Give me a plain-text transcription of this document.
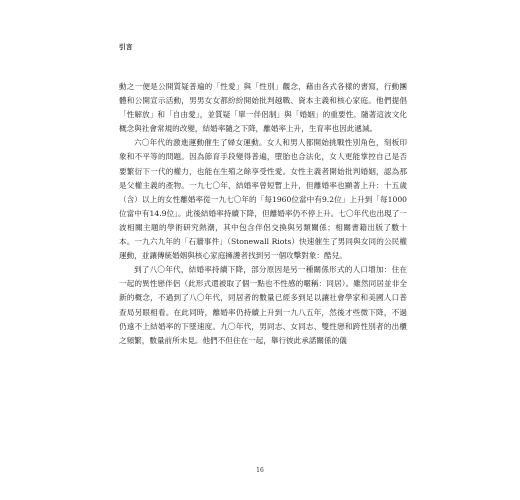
引言

動之一便是公開質疑普遍的「性愛」與「性別」觀念，藉由各式各樣的書寫，行動團體和公開宣示活動，男男女女都紛紛開始批判越戰、資本主義和核心家庭。他們提倡「性解放」和「自由愛」，並質疑「單一伴侶制」與「婚姻」的重要性。隨著這波文化概念與社會常規的改變，結婚率隨之下降，離婚率上升，生育率也因此遞減。

六〇年代的激進運動催生了婦女運動。女人和男人都開始挑戰性別角色，刻板印象和不平等的問題。因為節育手段變得普遍，墮胎也合法化，女人更能掌控自己是否要繁衍下一代的權力，也能在生殖之餘享受性愛。女性主義者開始批判婚姻，認為那是父權主義的產物。一九七〇年，結婚率曾短暫上升，但離婚率也顯著上升：十五歲（含）以上的女性離婚率從一九七〇年的「每1960位當中有9.2位」上升到「每1000位當中有14.9位」。此後結婚率持續下降，但離婚率仍不停上升。七〇年代也出現了一波相關主題的學術研究熱潮，其中包含伴侶交換與另類關係；相關書籍出版了數十本。一九六九年的「石牆事件」（Stonewall Riots）快速催生了男同與女同的公民權運動，並讓傳統婚姻與核心家庭擁護者找到另一個攻擊對象：酷兒。

到了八〇年代，結婚率持續下降，部分原因是另一種關係形式的人口增加：住在一起的異性戀伴侶（此形式還被取了個一點也不性感的暱稱：同居）。雖然同居並非全新的概念，不過到了八〇年代，同居者的數量已經多到足以讓社會學家和美國人口普查局另眼相看。在此同時，離婚率仍持續上升到一九八五年，然後才些微下降，不過仍遠不上結婚率的下墜速度。九〇年代，男同志、女同志、雙性戀和跨性別者的出櫃之頻繁，數量前所未見。他們不但住在一起，舉行彼此承諾關係的儀

16
